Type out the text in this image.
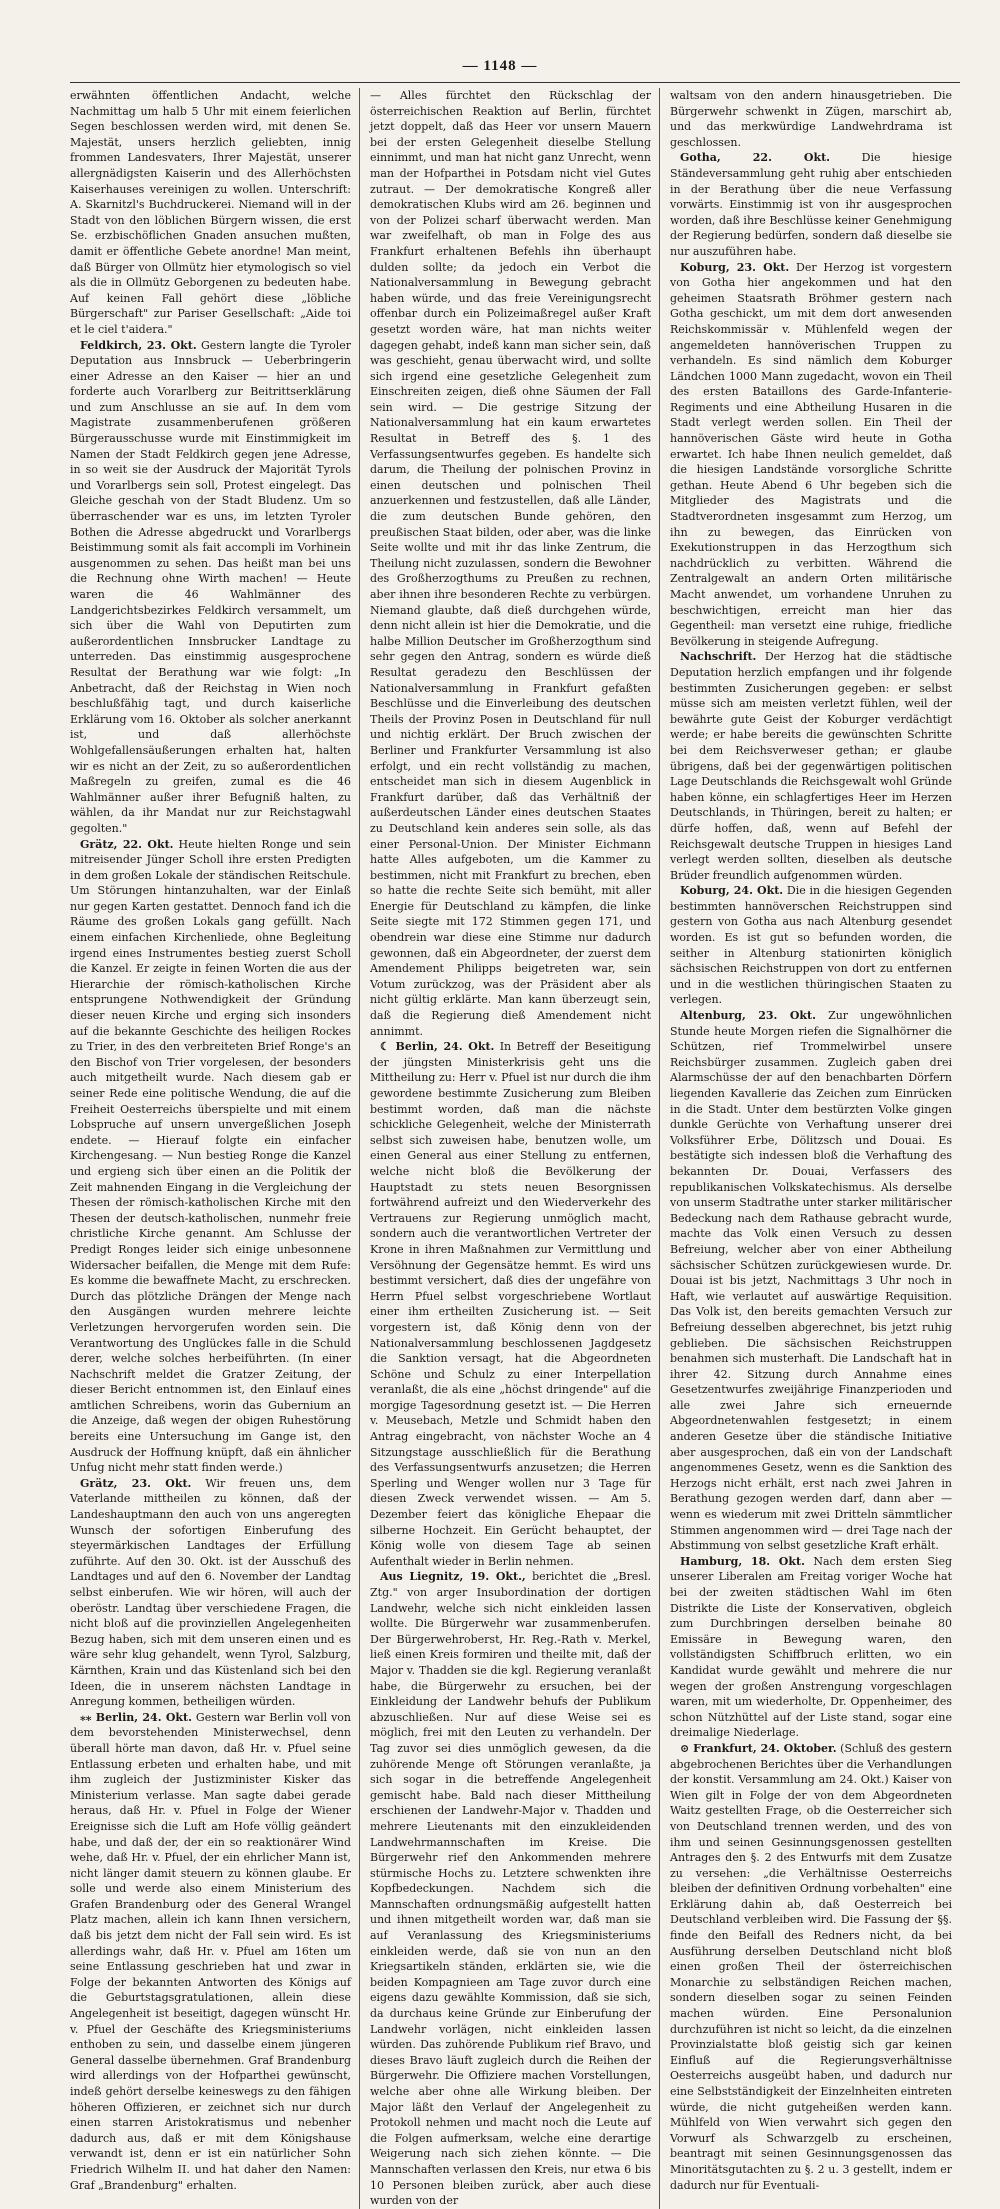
— 1148 —

erwähnten öffentlichen Andacht, welche Nachmittag um halb 5 Uhr mit einem feierlichen Segen beschlossen werden wird, mit denen Se. Majestät, unsers herzlich geliebten, innig frommen Landesvaters, Ihrer Majestät, unserer allergnädigsten Kaiserin und des Allerhöchsten Kaiserhauses vereinigen zu wollen. Unterschrift: A. Skarnitzl's Buchdruckerei. Niemand will in der Stadt von den löblichen Bürgern wissen, die erst Se. erzbischöflichen Gnaden ansuchen mußten, damit er öffentliche Gebete anordne! Man meint, daß Bürger von Ollmütz hier etymologisch so viel als die in Ollmütz Geborgenen zu bedeuten habe. Auf keinen Fall gehört diese „löbliche Bürgerschaft" zur Pariser Gesellschaft: „Aide toi et le ciel t'aidera."

Feldkirch, 23. Okt. Gestern langte die Tyroler Deputation aus Innsbruck — Ueberbringerin einer Adresse an den Kaiser — hier an und forderte auch Vorarlberg zur Beitrittserklärung und zum Anschlusse an sie auf. In dem vom Magistrate zusammenberufenen größeren Bürgerausschusse wurde mit Einstimmigkeit im Namen der Stadt Feldkirch gegen jene Adresse, in so weit sie der Ausdruck der Majorität Tyrols und Vorarlbergs sein soll, Protest eingelegt. Das Gleiche geschah von der Stadt Bludenz. Um so überraschender war es uns, im letzten Tyroler Bothen die Adresse abgedruckt und Vorarlbergs Beistimmung somit als fait accompli im Vorhinein ausgenommen zu sehen. Das heißt man bei uns die Rechnung ohne Wirth machen! — Heute waren die 46 Wahlmänner des Landgerichtsbezirkes Feldkirch versammelt, um sich über die Wahl von Deputirten zum außerordentlichen Innsbrucker Landtage zu unterreden. Das einstimmig ausgesprochene Resultat der Berathung war wie folgt: „In Anbetracht, daß der Reichstag in Wien noch beschlußfähig tagt, und durch kaiserliche Erklärung vom 16. Oktober als solcher anerkannt ist, und daß allerhöchste Wohlgefallensäußerungen erhalten hat, halten wir es nicht an der Zeit, zu so außerordentlichen Maßregeln zu greifen, zumal es die 46 Wahlmänner außer ihrer Befugniß halten, zu wählen, da ihr Mandat nur zur Reichstagwahl gegolten."

Grätz, 22. Okt. Heute hielten Ronge und sein mitreisender Jünger Scholl ihre ersten Predigten in dem großen Lokale der ständischen Reitschule. Um Störungen hintanzuhalten, war der Einlaß nur gegen Karten gestattet. Dennoch fand ich die Räume des großen Lokals gang gefüllt. Nach einem einfachen Kirchenliede, ohne Begleitung irgend eines Instrumentes bestieg zuerst Scholl die Kanzel. Er zeigte in feinen Worten die aus der Hierarchie der römisch-katholischen Kirche entsprungene Nothwendigkeit der Gründung dieser neuen Kirche und erging sich insonders auf die bekannte Geschichte des heiligen Rockes zu Trier, in des den verbreiteten Brief Ronge's an den Bischof von Trier vorgelesen, der besonders auch mitgetheilt wurde. Nach diesem gab er seiner Rede eine politische Wendung, die auf die Freiheit Oesterreichs überspielte und mit einem Lobspruche auf unsern unvergeßlichen Joseph endete. — Hierauf folgte ein einfacher Kirchengesang. — Nun bestieg Ronge die Kanzel und ergieng sich über einen an die Politik der Zeit mahnenden Eingang in die Vergleichung der Thesen der römisch-katholischen Kirche mit den Thesen der deutsch-katholischen, nunmehr freie christliche Kirche genannt. Am Schlusse der Predigt Ronges leider sich einige unbesonnene Widersacher beifallen, die Menge mit dem Rufe: Es komme die bewaffnete Macht, zu erschrecken. Durch das plötzliche Drängen der Menge nach den Ausgängen wurden mehrere leichte Verletzungen hervorgerufen worden sein. Die Verantwortung des Unglückes falle in die Schuld derer, welche solches herbeiführten. (In einer Nachschrift meldet die Gratzer Zeitung, der dieser Bericht entnommen ist, den Einlauf eines amtlichen Schreibens, worin das Gubernium an die Anzeige, daß wegen der obigen Ruhestörung bereits eine Untersuchung im Gange ist, den Ausdruck der Hoffnung knüpft, daß ein ähnlicher Unfug nicht mehr statt finden werde.)

Grätz, 23. Okt. Wir freuen uns, dem Vaterlande mittheilen zu können, daß der Landeshauptmann den auch von uns angeregten Wunsch der sofortigen Einberufung des steyermärkischen Landtages der Erfüllung zuführte. Auf den 30. Okt. ist der Ausschuß des Landtages und auf den 6. November der Landtag selbst einberufen. Wie wir hören, will auch der oberöstr. Landtag über verschiedene Fragen, die nicht bloß auf die provinziellen Angelegenheiten Bezug haben, sich mit dem unseren einen und es wäre sehr klug gehandelt, wenn Tyrol, Salzburg, Kärnthen, Krain und das Küstenland sich bei den Ideen, die in unserem nächsten Landtage in Anregung kommen, betheiligen würden.

⁎⁎ Berlin, 24. Okt. Gestern war Berlin voll von dem bevorstehenden Ministerwechsel, denn überall hörte man davon, daß Hr. v. Pfuel seine Entlassung erbeten und erhalten habe, und mit ihm zugleich der Justizminister Kisker das Ministerium verlasse. Man sagte dabei gerade heraus, daß Hr. v. Pfuel in Folge der Wiener Ereignisse sich die Luft am Hofe völlig geändert habe, und daß der, der ein so reaktionärer Wind wehe, daß Hr. v. Pfuel, der ein ehrlicher Mann ist, nicht länger damit steuern zu können glaube. Er solle und werde also einem Ministerium des Grafen Brandenburg oder des General Wrangel Platz machen, allein ich kann Ihnen versichern, daß bis jetzt dem nicht der Fall sein wird. Es ist allerdings wahr, daß Hr. v. Pfuel am 16ten um seine Entlassung geschrieben hat und zwar in Folge der bekannten Antworten des Königs auf die Geburtstagsgratulationen, allein diese Angelegenheit ist beseitigt, dagegen wünscht Hr. v. Pfuel der Geschäfte des Kriegsministeriums enthoben zu sein, und dasselbe einem jüngeren General dasselbe übernehmen. Graf Brandenburg wird allerdings von der Hofparthei gewünscht, indeß gehört derselbe keineswegs zu den fähigen höheren Offizieren, er zeichnet sich nur durch einen starren Aristokratismus und nebenher dadurch aus, daß er mit dem Königshause verwandt ist, denn er ist ein natürlicher Sohn Friedrich Wilhelm II. und hat daher den Namen: Graf „Brandenburg" erhalten.

— Alles fürchtet den Rückschlag der österreichischen Reaktion auf Berlin, fürchtet jetzt doppelt, daß das Heer vor unsern Mauern bei der ersten Gelegenheit dieselbe Stellung einnimmt, und man hat nicht ganz Unrecht, wenn man der Hofparthei in Potsdam nicht viel Gutes zutraut. — Der demokratische Kongreß aller demokratischen Klubs wird am 26. beginnen und von der Polizei scharf überwacht werden. Man war zweifelhaft, ob man in Folge des aus Frankfurt erhaltenen Befehls ihn überhaupt dulden sollte; da jedoch ein Verbot die Nationalversammlung in Bewegung gebracht haben würde, und das freie Vereinigungsrecht offenbar durch ein Polizeimaßregel außer Kraft gesetzt worden wäre, hat man nichts weiter dagegen gehabt, indeß kann man sicher sein, daß was geschieht, genau überwacht wird, und sollte sich irgend eine gesetzliche Gelegenheit zum Einschreiten zeigen, dieß ohne Säumen der Fall sein wird. — Die gestrige Sitzung der Nationalversammlung hat ein kaum erwartetes Resultat in Betreff des §. 1 des Verfassungsentwurfes gegeben. Es handelte sich darum, die Theilung der polnischen Provinz in einen deutschen und polnischen Theil anzuerkennen und festzustellen, daß alle Länder, die zum deutschen Bunde gehören, den preußischen Staat bilden, oder aber, was die linke Seite wollte und mit ihr das linke Zentrum, die Theilung nicht zuzulassen, sondern die Bewohner des Großherzogthums zu Preußen zu rechnen, aber ihnen ihre besonderen Rechte zu verbürgen. Niemand glaubte, daß dieß durchgehen würde, denn nicht allein ist hier die Demokratie, und die halbe Million Deutscher im Großherzogthum sind sehr gegen den Antrag, sondern es würde dieß Resultat geradezu den Beschlüssen der Nationalversammlung in Frankfurt gefaßten Beschlüsse und die Einverleibung des deutschen Theils der Provinz Posen in Deutschland für null und nichtig erklärt. Der Bruch zwischen der Berliner und Frankfurter Versammlung ist also erfolgt, und ein recht vollständig zu machen, entscheidet man sich in diesem Augenblick in Frankfurt darüber, daß das Verhältniß der außerdeutschen Länder eines deutschen Staates zu Deutschland kein anderes sein solle, als das einer Personal-Union. Der Minister Eichmann hatte Alles aufgeboten, um die Kammer zu bestimmen, nicht mit Frankfurt zu brechen, eben so hatte die rechte Seite sich bemüht, mit aller Energie für Deutschland zu kämpfen, die linke Seite siegte mit 172 Stimmen gegen 171, und obendrein war diese eine Stimme nur dadurch gewonnen, daß ein Abgeordneter, der zuerst dem Amendement Philipps beigetreten war, sein Votum zurückzog, was der Präsident aber als nicht gültig erklärte. Man kann überzeugt sein, daß die Regierung dieß Amendement nicht annimmt.

☾ Berlin, 24. Okt. In Betreff der Beseitigung der jüngsten Ministerkrisis geht uns die Mittheilung zu: Herr v. Pfuel ist nur durch die ihm gewordene bestimmte Zusicherung zum Bleiben bestimmt worden, daß man die nächste schickliche Gelegenheit, welche der Ministerrath selbst sich zuweisen habe, benutzen wolle, um einen General aus einer Stellung zu entfernen, welche nicht bloß die Bevölkerung der Hauptstadt zu stets neuen Besorgnissen fortwährend aufreizt und den Wiederverkehr des Vertrauens zur Regierung unmöglich macht, sondern auch die verantwortlichen Vertreter der Krone in ihren Maßnahmen zur Vermittlung und Versöhnung der Gegensätze hemmt. Es wird uns bestimmt versichert, daß dies der ungefähre von Herrn Pfuel selbst vorgeschriebene Wortlaut einer ihm ertheilten Zusicherung ist. — Seit vorgestern ist, daß König denn von der Nationalversammlung beschlossenen Jagdgesetz die Sanktion versagt, hat die Abgeordneten Schöne und Schulz zu einer Interpellation veranlaßt, die als eine „höchst dringende" auf die morgige Tagesordnung gesetzt ist. — Die Herren v. Meusebach, Metzle und Schmidt haben den Antrag eingebracht, von nächster Woche an 4 Sitzungstage ausschließlich für die Berathung des Verfassungsentwurfs anzusetzen; die Herren Sperling und Wenger wollen nur 3 Tage für diesen Zweck verwendet wissen. — Am 5. Dezember feiert das königliche Ehepaar die silberne Hochzeit. Ein Gerücht behauptet, der König wolle von diesem Tage ab seinen Aufenthalt wieder in Berlin nehmen.

Aus Liegnitz, 19. Okt., berichtet die „Bresl. Ztg." von arger Insubordination der dortigen Landwehr, welche sich nicht einkleiden lassen wollte. Die Bürgerwehr war zusammenberufen. Der Bürgerwehroberst, Hr. Reg.-Rath v. Merkel, ließ einen Kreis formiren und theilte mit, daß der Major v. Thadden sie die kgl. Regierung veranlaßt habe, die Bürgerwehr zu ersuchen, bei der Einkleidung der Landwehr behufs der Publikum abzuschließen. Nur auf diese Weise sei es möglich, frei mit den Leuten zu verhandeln. Der Tag zuvor sei dies unmöglich gewesen, da die zuhörende Menge oft Störungen veranlaßte, ja sich sogar in die betreffende Angelegenheit gemischt habe. Bald nach dieser Mittheilung erschienen der Landwehr-Major v. Thadden und mehrere Lieutenants mit den einzukleidenden Landwehrmannschaften im Kreise. Die Bürgerwehr rief den Ankommenden mehrere stürmische Hochs zu. Letztere schwenkten ihre Kopfbedeckungen. Nachdem sich die Mannschaften ordnungsmäßig aufgestellt hatten und ihnen mitgetheilt worden war, daß man sie auf Veranlassung des Kriegsministeriums einkleiden werde, daß sie von nun an den Kriegsartikeln ständen, erklärten sie, wie die beiden Kompagnieen am Tage zuvor durch eine eigens dazu gewählte Kommission, daß sie sich, da durchaus keine Gründe zur Einberufung der Landwehr vorlägen, nicht einkleiden lassen würden. Das zuhörende Publikum rief Bravo, und dieses Bravo läuft zugleich durch die Reihen der Bürgerwehr. Die Offiziere machen Vorstellungen, welche aber ohne alle Wirkung bleiben. Der Major läßt den Verlauf der Angelegenheit zu Protokoll nehmen und macht noch die Leute auf die Folgen aufmerksam, welche eine derartige Weigerung nach sich ziehen könnte. — Die Mannschaften verlassen den Kreis, nur etwa 6 bis 10 Personen bleiben zurück, aber auch diese wurden von der

waltsam von den andern hinausgetrieben. Die Bürgerwehr schwenkt in Zügen, marschirt ab, und das merkwürdige Landwehrdrama ist geschlossen.

Gotha, 22. Okt.	Die hiesige Ständeversammlung geht ruhig aber entschieden in der Berathung über die neue Verfassung vorwärts. Einstimmig ist von ihr ausgesprochen worden, daß ihre Beschlüsse keiner Genehmigung der Regierung bedürfen, sondern daß dieselbe sie nur auszuführen habe.

Koburg, 23. Okt. Der Herzog ist vorgestern von Gotha hier angekommen und hat den geheimen Staatsrath Bröhmer gestern nach Gotha geschickt, um mit dem dort anwesenden Reichskommissär v. Mühlenfeld wegen der angemeldeten hannöverischen Truppen zu verhandeln. Es sind nämlich dem Koburger Ländchen 1000 Mann zugedacht, wovon ein Theil des ersten Bataillons des Garde-Infanterie-Regiments und eine Abtheilung Husaren in die Stadt verlegt werden sollen. Ein Theil der hannöverischen Gäste wird heute in Gotha erwartet. Ich habe Ihnen neulich gemeldet, daß die hiesigen Landstände vorsorgliche Schritte gethan. Heute Abend 6 Uhr begeben sich die Mitglieder des Magistrats und die Stadtverordneten insgesammt zum Herzog, um ihn zu bewegen, das Einrücken von Exekutionstruppen in das Herzogthum sich nachdrücklich zu verbitten. Während die Zentralgewalt an andern Orten militärische Macht anwendet, um vorhandene Unruhen zu beschwichtigen, erreicht man hier das Gegentheil: man versetzt eine ruhige, friedliche Bevölkerung in steigende Aufregung.

Nachschrift. Der Herzog hat die städtische Deputation herzlich empfangen und ihr folgende bestimmten Zusicherungen gegeben: er selbst müsse sich am meisten verletzt fühlen, weil der bewährte gute Geist der Koburger verdächtigt werde; er habe bereits die gewünschten Schritte bei dem Reichsverweser gethan; er glaube übrigens, daß bei der gegenwärtigen politischen Lage Deutschlands die Reichsgewalt wohl Gründe haben könne, ein schlagfertiges Heer im Herzen Deutschlands, in Thüringen, bereit zu halten; er dürfe hoffen, daß, wenn auf Befehl der Reichsgewalt deutsche Truppen in hiesiges Land verlegt werden sollten, dieselben als deutsche Brüder freundlich aufgenommen würden.

Koburg, 24. Okt. Die in die hiesigen Gegenden bestimmten hannöverschen Reichstruppen sind gestern von Gotha aus nach Altenburg gesendet worden. Es ist gut so befunden worden, die seither in Altenburg stationirten königlich sächsischen Reichstruppen von dort zu entfernen und in die westlichen thüringischen Staaten zu verlegen.

Altenburg, 23. Okt. Zur ungewöhnlichen Stunde heute Morgen riefen die Signalhörner die Schützen, rief Trommelwirbel unsere Reichsbürger zusammen. Zugleich gaben drei Alarmschüsse der auf den benachbarten Dörfern liegenden Kavallerie das Zeichen zum Einrücken in die Stadt. Unter dem bestürzten Volke gingen dunkle Gerüchte von Verhaftung unserer drei Volksführer Erbe, Dölitzsch und Douai. Es bestätigte sich indessen bloß die Verhaftung des bekannten Dr. Douai, Verfassers des republikanischen Volkskatechismus. Als derselbe von unserm Stadtrathe unter starker militärischer Bedeckung nach dem Rathause gebracht wurde, machte das Volk einen Versuch zu dessen Befreiung, welcher aber von einer Abtheilung sächsischer Schützen zurückgewiesen wurde. Dr. Douai ist bis jetzt, Nachmittags 3 Uhr noch in Haft, wie verlautet auf auswärtige Requisition. Das Volk ist, den bereits gemachten Versuch zur Befreiung desselben abgerechnet, bis jetzt ruhig geblieben. Die sächsischen Reichstruppen benahmen sich musterhaft. Die Landschaft hat in ihrer 42. Sitzung durch Annahme eines Gesetzentwurfes zweijährige Finanzperioden und alle zwei Jahre sich erneuernde Abgeordnetenwahlen festgesetzt; in einem anderen Gesetze über die ständische Initiative aber ausgesprochen, daß ein von der Landschaft angenommenes Gesetz, wenn es die Sanktion des Herzogs nicht erhält, erst nach zwei Jahren in Berathung gezogen werden darf, dann aber — wenn es wiederum mit zwei Dritteln sämmtlicher Stimmen angenommen wird — drei Tage nach der Abstimmung von selbst gesetzliche Kraft erhält.

Hamburg, 18. Okt. Nach dem ersten Sieg unserer Liberalen am Freitag voriger Woche hat bei der zweiten städtischen Wahl im 6ten Distrikte die Liste der Konservativen, obgleich zum Durchbringen derselben beinahe 80 Emissäre in Bewegung waren, den vollständigsten Schiffbruch erlitten, wo ein Kandidat wurde gewählt und mehrere die nur wegen der großen Anstrengung vorgeschlagen waren, mit um wiederholte, Dr. Oppenheimer, des schon Nützhüttel auf der Liste stand, sogar eine dreimalige Niederlage.

⊙ Frankfurt, 24. Oktober. (Schluß des gestern abgebrochenen Berichtes über die Verhandlungen der konstit. Versammlung am 24. Okt.) Kaiser von Wien gilt in Folge der von dem Abgeordneten Waitz gestellten Frage, ob die Oesterreicher sich von Deutschland trennen werden, und des von ihm und seinen Gesinnungsgenossen gestellten Antrages den §. 2 des Entwurfs mit dem Zusatze zu versehen: „die Verhältnisse Oesterreichs bleiben der definitiven Ordnung vorbehalten" eine Erklärung dahin ab, daß Oesterreich bei Deutschland verbleiben wird. Die Fassung der §§. finde den Beifall des Redners nicht, da bei Ausführung derselben Deutschland nicht bloß einen großen Theil der österreichischen Monarchie zu selbständigen Reichen machen, sondern dieselben sogar zu seinen Feinden machen würden. Eine Personalunion durchzuführen ist nicht so leicht, da die einzelnen Provinzialstatte bloß geistig sich gar keinen Einfluß auf die Regierungsverhältnisse Oesterreichs ausgeübt haben, und dadurch nur eine Selbstständigkeit der Einzelnheiten eintreten würde, die nicht gutgeheißen werden kann. Mühlfeld von Wien verwahrt sich gegen den Vorwurf als Schwarzgelb zu erscheinen, beantragt mit seinen Gesinnungsgenossen das Minoritätsgutachten zu §. 2 u. 3 gestellt, indem er dadurch nur für Eventuali-
